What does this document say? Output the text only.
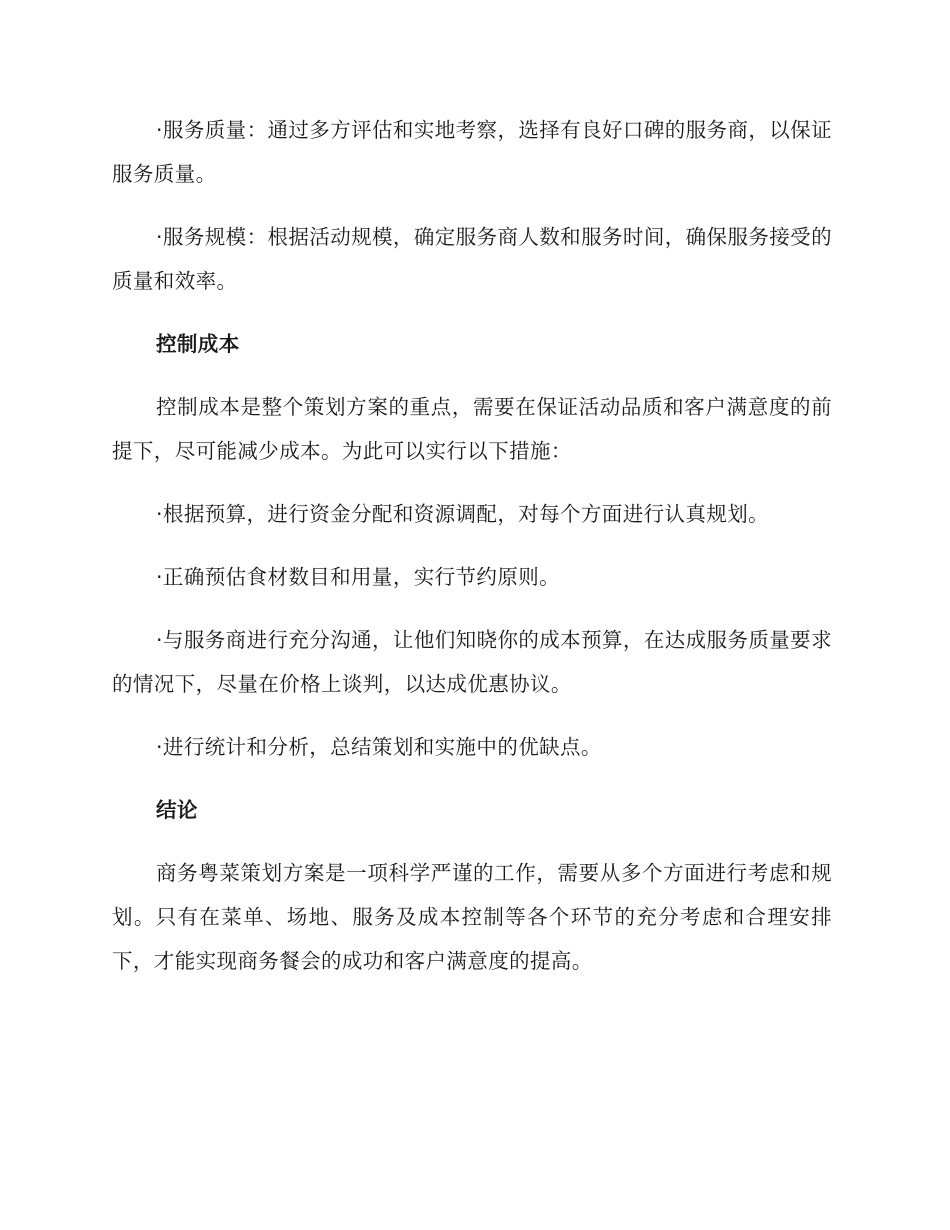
·服务质量：通过多方评估和实地考察，选择有良好口碑的服务商，以保证服务质量。

·服务规模：根据活动规模，确定服务商人数和服务时间，确保服务接受的质量和效率。

控制成本

控制成本是整个策划方案的重点，需要在保证活动品质和客户满意度的前提下，尽可能减少成本。为此可以实行以下措施：

·根据预算，进行资金分配和资源调配，对每个方面进行认真规划。

·正确预估食材数目和用量，实行节约原则。

·与服务商进行充分沟通，让他们知晓你的成本预算，在达成服务质量要求的情况下，尽量在价格上谈判，以达成优惠协议。

·进行统计和分析，总结策划和实施中的优缺点。

结论

商务粤菜策划方案是一项科学严谨的工作，需要从多个方面进行考虑和规划。只有在菜单、场地、服务及成本控制等各个环节的充分考虑和合理安排下，才能实现商务餐会的成功和客户满意度的提高。
